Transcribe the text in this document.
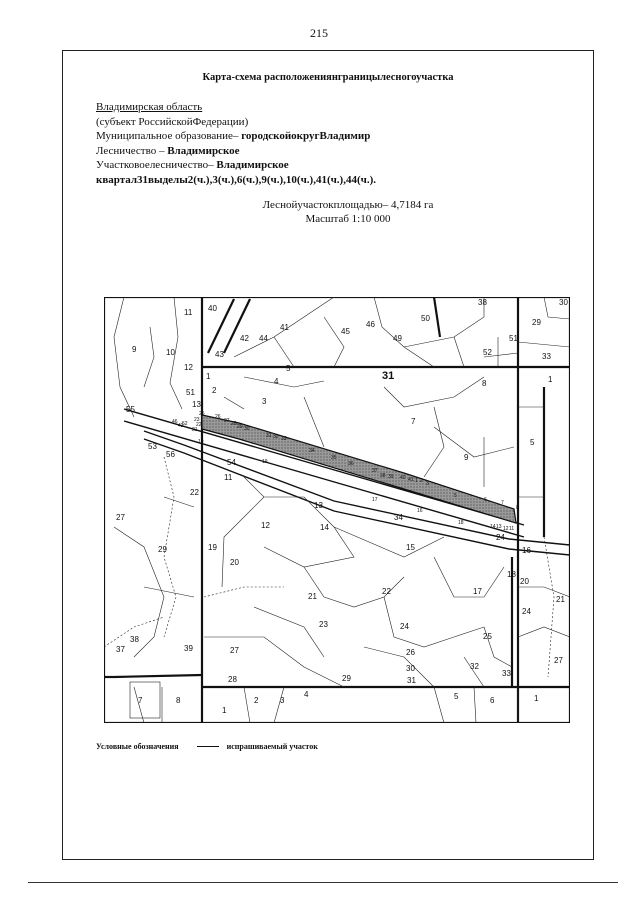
215
Карта-схема расположениянграницылесногоучастка
Владимирская область
(субъект РоссийскойФедерации)
Муниципальное образование– городскойокругВладимир
Лесничество – Владимирское
Участковоелесничество– Владимирское
квартал31выделы2(ч.),3(ч.),6(ч.),9(ч.),10(ч.),41(ч.),44(ч.).
Леснойучастокплощадью– 4,7184 га
Масштаб 1:10 000
11 40
41
42 44
45
46
49
50
38
29
30
51
52	33
9	10	43
12	5
1
4
2
51
8	1
13	3
55
7
5
9
53
56
54
11
22
13
12	14
27
29	19
20
15	16
20
18
17
22
21
23	24
24
21
25
37
38
39	27	26
30
31
32
33
29
28
27
7	8
1
2	3
4	5	6	1
34
24
25 26
27 28 29 30
31 32 33
34
35
36
37
38 39 40 41 1 2 3
5
6	7
8
17
16
18
14 13 12 11
19
19
22
23
21
42
52
46
31
Условные обозначения	испрашиваемый участок
